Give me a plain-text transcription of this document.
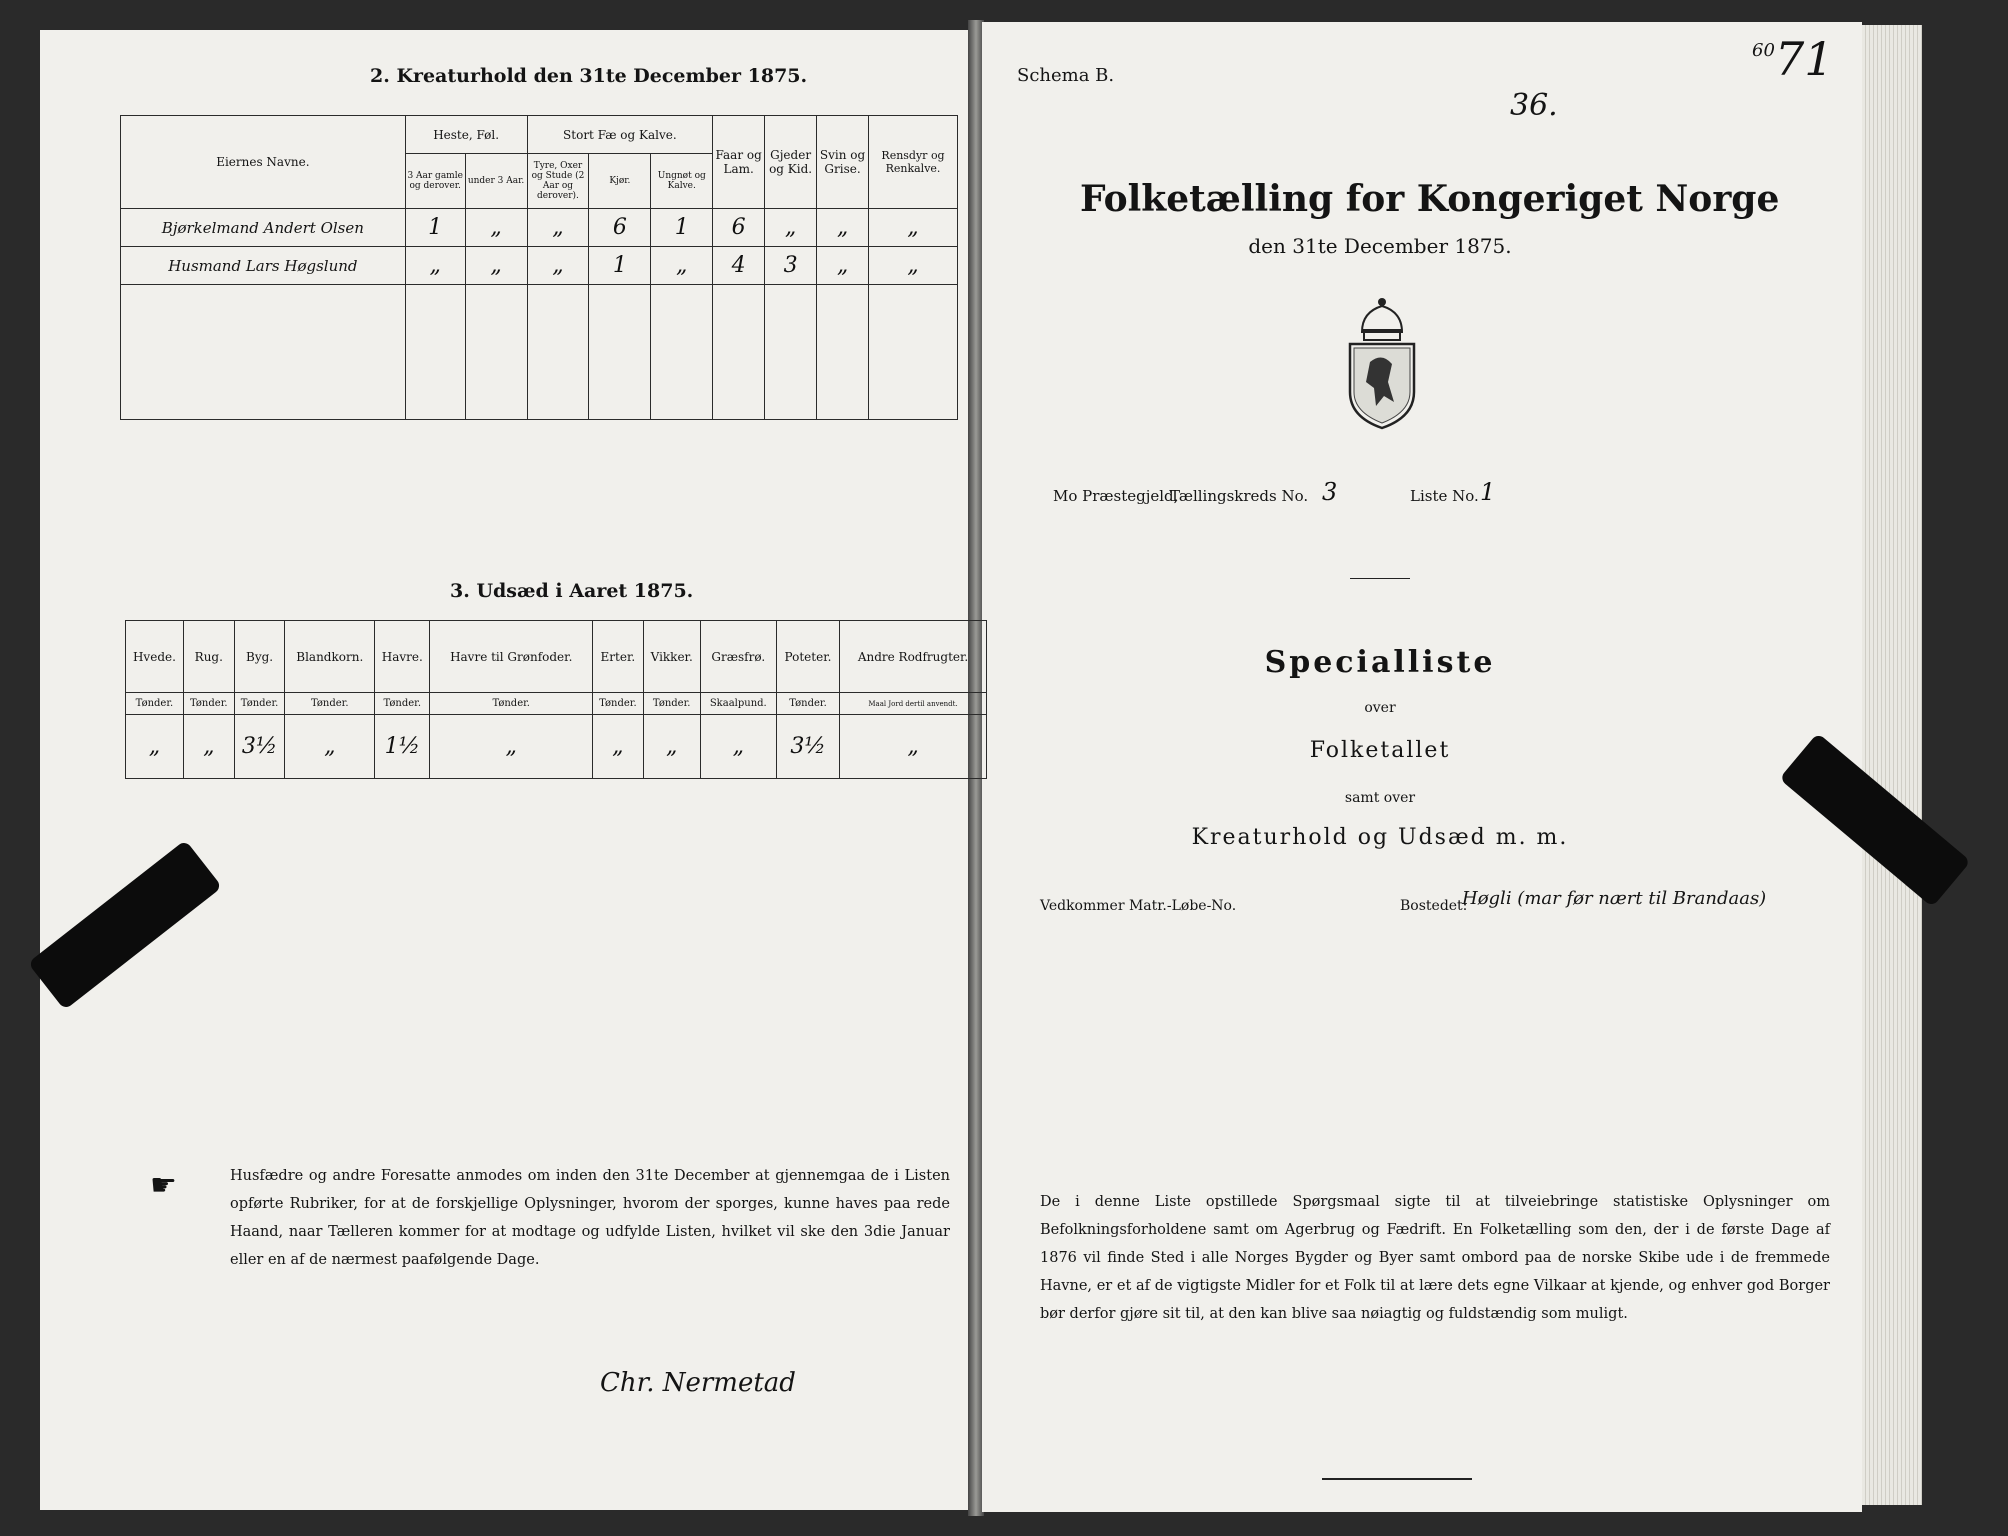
2. Kreaturhold den 31te December 1875.
Eiernes Navne.	Heste, Føl.		Stort Fæ og Kalve.			Faar og Lam.	Gjeder og Kid.	Svin og Grise.	Rensdyr og Renkalve.
	3 Aar gamle og derover.	under 3 Aar.	Tyre, Oxer og Stude (2 Aar og derover).	Kjør.	Ungnøt og Kalve.				
Bjørkelmand Andert Olsen	1	„	„	6	1	6	„	„	„
Husmand Lars Høgslund	„	„	„	1	„	4	3	„	„

3. Udsæd i Aaret 1875.
Hvede.	Rug.	Byg.	Blandkorn.	Havre.	Havre til Grønfoder.	Erter.	Vikker.	Græsfrø.	Poteter.	Andre Rodfrugter.
Tønder.	Tønder.	Tønder.	Tønder.	Tønder.	Tønder.	Tønder.	Tønder.	Skaalpund.	Tønder.	Maal Jord dertil anvendt.
„	„	3½	„	1½	„	„	„	„	3½	„
☛	Husfædre og andre Foresatte anmodes om inden den 31te December at gjennemgaa de i Listen opførte Rubriker, for at de forskjellige Oplysninger, hvorom der sporges, kunne haves paa rede Haand, naar Tælleren kommer for at modtage og udfylde Listen, hvilket vil ske den 3die Januar eller en af de nærmest paafølgende Dage.
Chr. Nermetad
Schema B.
36.
60 71
Folketælling for Kongeriget Norge
den 31te December 1875.
Mo Præstegjeld,
Tællingskreds No. 3	Liste No. 1
Specialliste
over
Folketallet
samt over
Kreaturhold og Udsæd m. m.
Vedkommer Matr.-Løbe-No.	Bostedet:
Høgli (mar før nært til Brandaas)
De i denne Liste opstillede Spørgsmaal sigte til at tilveiebringe statistiske Oplysninger om Befolkningsforholdene samt om Agerbrug og Fædrift. En Folketælling som den, der i de første Dage af 1876 vil finde Sted i alle Norges Bygder og Byer samt ombord paa de norske Skibe ude i de fremmede Havne, er et af de vigtigste Midler for et Folk til at lære dets egne Vilkaar at kjende, og enhver god Borger bør derfor gjøre sit til, at den kan blive saa nøiagtig og fuldstændig som muligt.
